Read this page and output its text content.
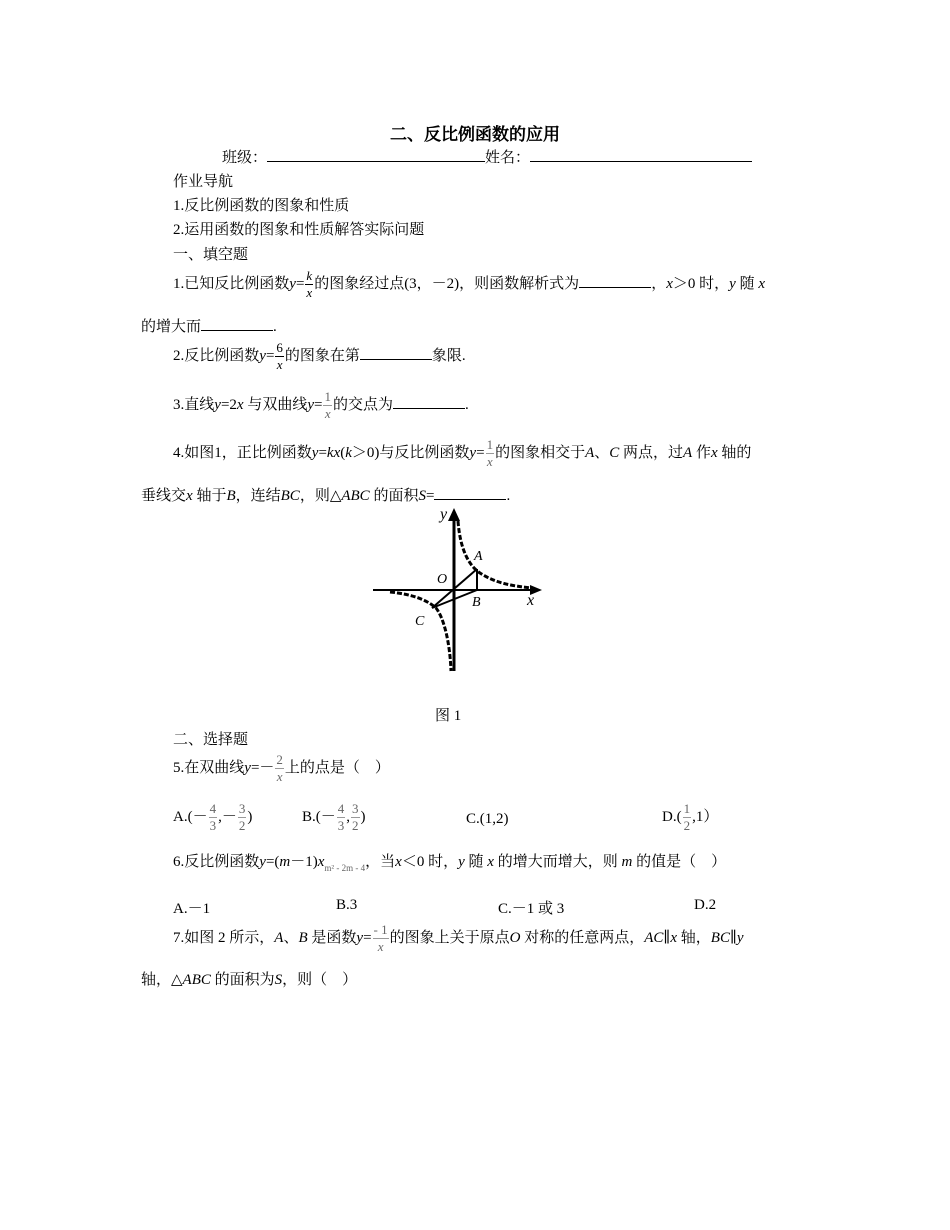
二、反比例函数的应用
班级：	姓名：
作业导航
1.反比例函数的图象和性质
2.运用函数的图象和性质解答实际问题
一、填空题
1.已知反比例函数$y= \frac{k}{x}$ 的图象经过点(3，－2)，则函数解析式为	，x＞0 时，y 随 x
的增大而	.
2.反比例函数$y= \frac{6}{x}$ 的图象在第	象限.
3.直线y=2x 与双曲线$y= \frac{1}{x}$ 的交点为	.
4.如图1，正比例函数y=kx(k＞0)与反比例函数$y= \frac{1}{x}$ 的图象相交于A、C 两点，过A 作x 轴的
垂线交x 轴于B，连结BC，则△ABC 的面积S=	.
y
x
O
A
B
C
图 1
二、选择题
5.在双曲线$y=- \frac{2}{x}$ 上的点是（　）
$A.(- \frac{4}{3}$ ,－ $\frac{3}{2}$ )	$B.(- \frac{4}{3}$ , $\frac{3}{2}$ )	C.(1,2)	$D.( \frac{1}{2} ,1)$
6.反比例函数$y=(m-1)x_{m^2 - 2m - 4}$，当x＜0 时，y 随 x 的增大而增大，则 m 的值是（　）
A.－1	B.3	C.－1 或 3	D.2
7.如图 2 所示，A、B 是函数$y= \frac{- 1}{x}$ 的图象上关于原点O 对称的任意两点，AC∥x 轴，BC∥y
轴，△ABC 的面积为S，则（　）
